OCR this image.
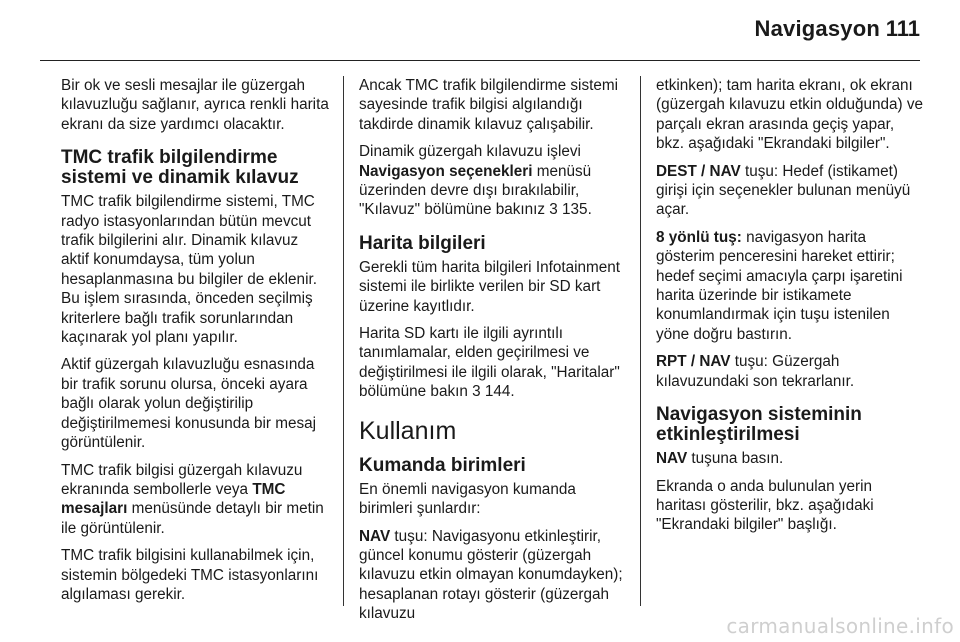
Navigasyon 111

Bir ok ve sesli mesajlar ile güzergah kılavuzluğu sağlanır, ayrıca renkli harita ekranı da size yardımcı olacaktır.

TMC trafik bilgilendirme sistemi ve dinamik kılavuz

TMC trafik bilgilendirme sistemi, TMC radyo istasyonlarından bütün mevcut trafik bilgilerini alır. Dinamik kılavuz aktif konumdaysa, tüm yolun hesaplanmasına bu bilgiler de eklenir. Bu işlem sırasında, önceden seçilmiş kriterlere bağlı trafik sorunlarından kaçınarak yol planı yapılır.

Aktif güzergah kılavuzluğu esnasında bir trafik sorunu olursa, önceki ayara bağlı olarak yolun değiştirilip değiştirilmemesi konusunda bir mesaj görüntülenir.

TMC trafik bilgisi güzergah kılavuzu ekranında sembollerle veya TMC mesajları menüsünde detaylı bir metin ile görüntülenir.

TMC trafik bilgisini kullanabilmek için, sistemin bölgedeki TMC istasyonlarını algılaması gerekir.

Ancak TMC trafik bilgilendirme sistemi sayesinde trafik bilgisi algılandığı takdirde dinamik kılavuz çalışabilir.

Dinamik güzergah kılavuzu işlevi Navigasyon seçenekleri menüsü üzerinden devre dışı bırakılabilir, "Kılavuz" bölümüne bakınız 3 135.

Harita bilgileri

Gerekli tüm harita bilgileri Infotainment sistemi ile birlikte verilen bir SD kart üzerine kayıtlıdır.

Harita SD kartı ile ilgili ayrıntılı tanımlamalar, elden geçirilmesi ve değiştirilmesi ile ilgili olarak, "Haritalar" bölümüne bakın 3 144.

Kullanım
Kumanda birimleri

En önemli navigasyon kumanda birimleri şunlardır:

NAV tuşu: Navigasyonu etkinleştirir, güncel konumu gösterir (güzergah kılavuzu etkin olmayan konumdayken); hesaplanan rotayı gösterir (güzergah kılavuzu

etkinken); tam harita ekranı, ok ekranı (güzergah kılavuzu etkin olduğunda) ve parçalı ekran arasında geçiş yapar, bkz. aşağıdaki "Ekrandaki bilgiler".

DEST / NAV tuşu: Hedef (istikamet) girişi için seçenekler bulunan menüyü açar.

8 yönlü tuş: navigasyon harita gösterim penceresini hareket ettirir; hedef seçimi amacıyla çarpı işaretini harita üzerinde bir istikamete konumlandırmak için tuşu istenilen yöne doğru bastırın.

RPT / NAV tuşu: Güzergah kılavuzundaki son tekrarlanır.

Navigasyon sisteminin etkinleştirilmesi

NAV tuşuna basın.

Ekranda o anda bulunulan yerin haritası gösterilir, bkz. aşağıdaki "Ekrandaki bilgiler" başlığı.

carmanualsonline.info
